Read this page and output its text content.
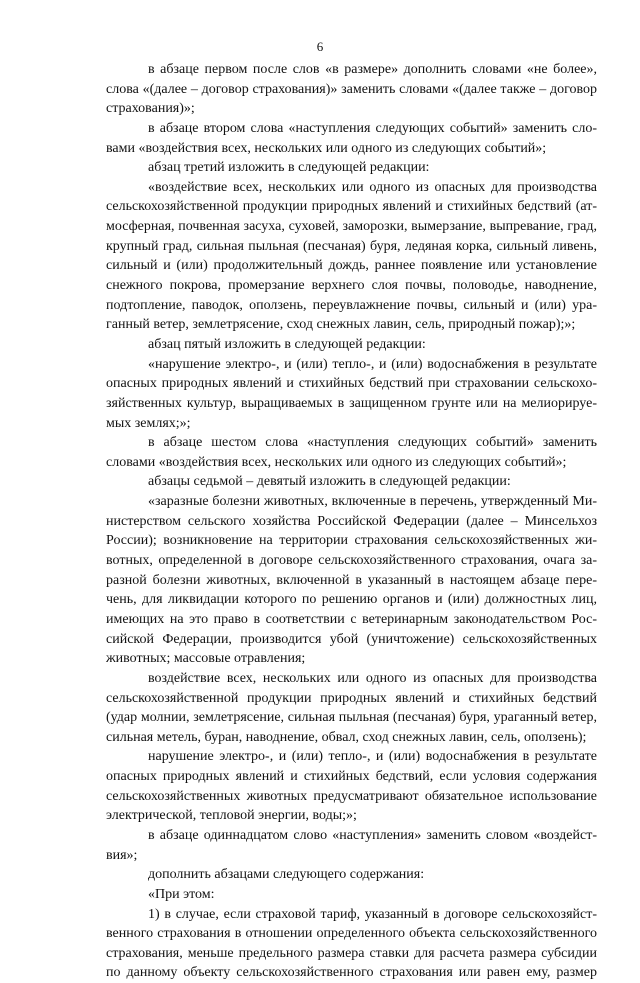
6
в абзаце первом после слов «в размере» дополнить словами «не более»,
слова «(далее – договор страхования)» заменить словами «(далее также – договор
страхования)»;
в абзаце втором слова «наступления следующих событий» заменить сло-
вами «воздействия всех, нескольких или одного из следующих событий»;
абзац третий изложить в следующей редакции:
«воздействие всех, нескольких или одного из опасных для производства
сельскохозяйственной продукции природных явлений и стихийных бедствий (ат-
мосферная, почвенная засуха, суховей, заморозки, вымерзание, выпревание, град,
крупный град, сильная пыльная (песчаная) буря, ледяная корка, сильный ливень,
сильный и (или) продолжительный дождь, раннее появление или установление
снежного покрова, промерзание верхнего слоя почвы, половодье, наводнение,
подтопление, паводок, оползень, переувлажнение почвы, сильный и (или) ура-
ганный ветер, землетрясение, сход снежных лавин, сель, природный пожар);»;
абзац пятый изложить в следующей редакции:
«нарушение электро-, и (или) тепло-, и (или) водоснабжения в результате
опасных природных явлений и стихийных бедствий при страховании сельскохо-
зяйственных культур, выращиваемых в защищенном грунте или на мелиорируе-
мых землях;»;
в абзаце шестом слова «наступления следующих событий» заменить
словами «воздействия всех, нескольких или одного из следующих событий»;
абзацы седьмой – девятый изложить в следующей редакции:
«заразные болезни животных, включенные в перечень, утвержденный Ми-
нистерством сельского хозяйства Российской Федерации (далее – Минсельхоз
России); возникновение на территории страхования сельскохозяйственных жи-
вотных, определенной в договоре сельскохозяйственного страхования, очага за-
разной болезни животных, включенной в указанный в настоящем абзаце пере-
чень, для ликвидации которого по решению органов и (или) должностных лиц,
имеющих на это право в соответствии с ветеринарным законодательством Рос-
сийской Федерации, производится убой (уничтожение) сельскохозяйственных
животных; массовые отравления;
воздействие всех, нескольких или одного из опасных для производства
сельскохозяйственной продукции природных явлений и стихийных бедствий
(удар молнии, землетрясение, сильная пыльная (песчаная) буря, ураганный ветер,
сильная метель, буран, наводнение, обвал, сход снежных лавин, сель, оползень);
нарушение электро-, и (или) тепло-, и (или) водоснабжения в результате
опасных природных явлений и стихийных бедствий, если условия содержания
сельскохозяйственных животных предусматривают обязательное использование
электрической, тепловой энергии, воды;»;
в абзаце одиннадцатом слово «наступления» заменить словом «воздейст-
вия»;
дополнить абзацами следующего содержания:
«При этом:
1) в случае, если страховой тариф, указанный в договоре сельскохозяйст-
венного страхования в отношении определенного объекта сельскохозяйственного
страхования, меньше предельного размера ставки для расчета размера субсидии
по данному объекту сельскохозяйственного страхования или равен ему, размер
